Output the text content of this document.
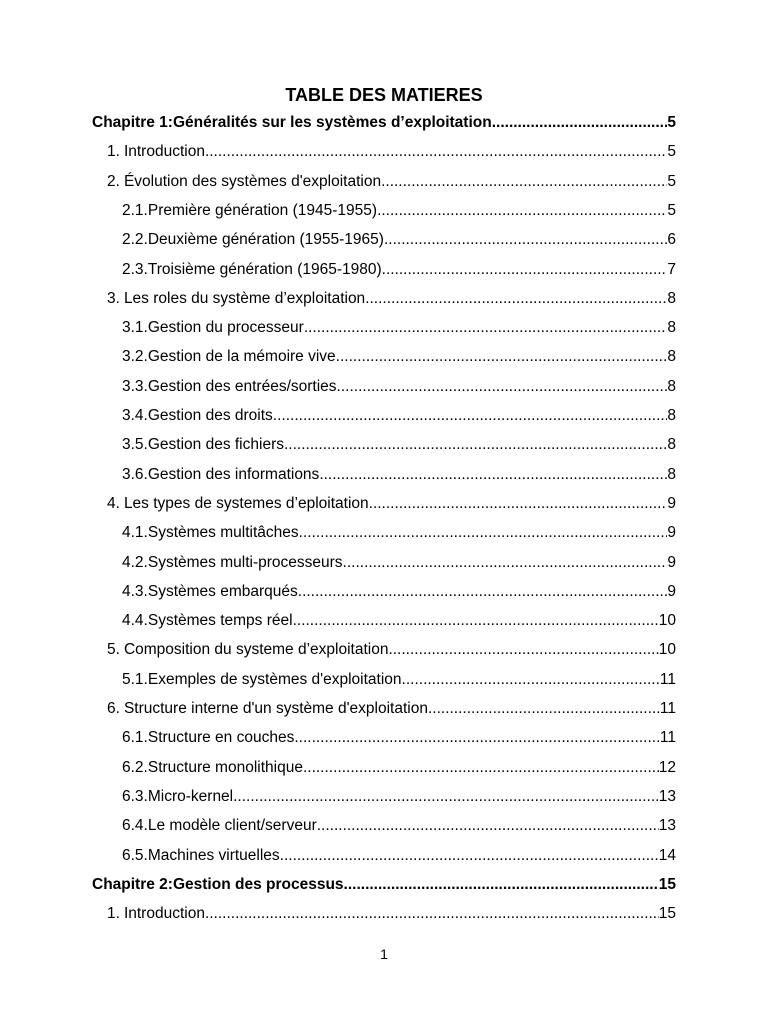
TABLE DES MATIERES
Chapitre 1: Généralités sur les systèmes d’exploitation .....	5
1. Introduction .....	5
2. Évolution des systèmes d'exploitation .....	5
2.1. Première génération (1945-1955) .....	5
2.2. Deuxième génération (1955-1965) .....	6
2.3. Troisième génération (1965-1980) .....	7
3. Les roles du système d’exploitation .....	8
3.1. Gestion du processeur .....	8
3.2. Gestion de la mémoire vive .....	8
3.3. Gestion des entrées/sorties .....	8
3.4. Gestion des droits .....	8
3.5. Gestion des fichiers .....	8
3.6. Gestion des informations .....	8
4. Les types de systemes d’eploitation .....	9
4.1. Systèmes multitâches .....	9
4.2. Systèmes multi-processeurs .....	9
4.3. Systèmes embarqués .....	9
4.4. Systèmes temps réel .....	10
5. Composition du systeme d’exploitation .....	10
5.1. Exemples de systèmes d'exploitation .....	11
6. Structure interne d'un système d'exploitation .....	11
6.1. Structure en couches .....	11
6.2. Structure monolithique .....	12
6.3. Micro-kernel .....	13
6.4. Le modèle client/serveur .....	13
6.5. Machines virtuelles .....	14
Chapitre 2: Gestion des processus .....	15
1. Introduction .....	15
1
